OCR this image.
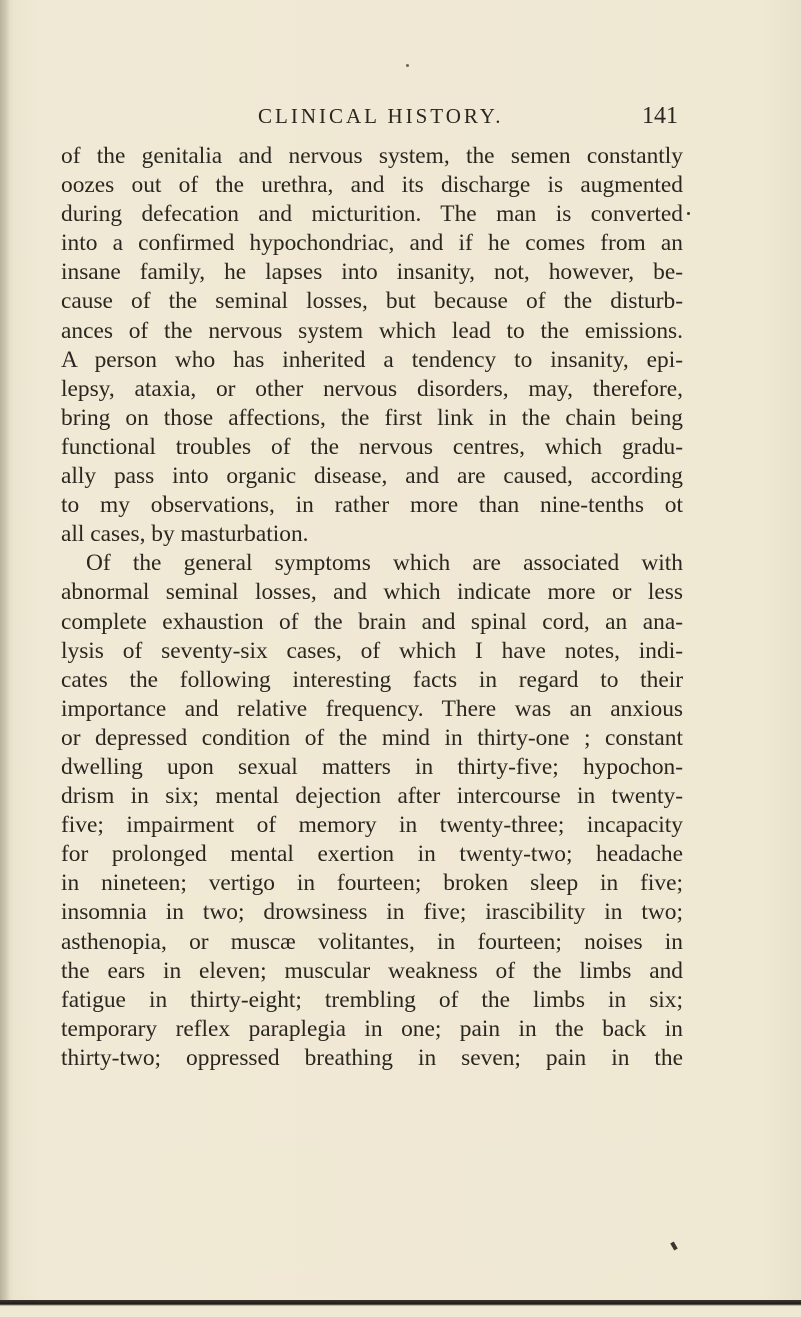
CLINICAL HISTORY.	141
of the genitalia and nervous system, the semen constantly
oozes out of the urethra, and its discharge is augmented
during defecation and micturition. The man is converted
into a confirmed hypochondriac, and if he comes from an
insane family, he lapses into insanity, not, however, be-
cause of the seminal losses, but because of the disturb-
ances of the nervous system which lead to the emissions.
A person who has inherited a tendency to insanity, epi-
lepsy, ataxia, or other nervous disorders, may, therefore,
bring on those affections, the first link in the chain being
functional troubles of the nervous centres, which gradu-
ally pass into organic disease, and are caused, according
to my observations, in rather more than nine-tenths ot
all cases, by masturbation.
Of the general symptoms which are associated with
abnormal seminal losses, and which indicate more or less
complete exhaustion of the brain and spinal cord, an ana-
lysis of seventy-six cases, of which I have notes, indi-
cates the following interesting facts in regard to their
importance and relative frequency. There was an anxious
or depressed condition of the mind in thirty-one ; constant
dwelling upon sexual matters in thirty-five; hypochon-
drism in six; mental dejection after intercourse in twenty-
five; impairment of memory in twenty-three; incapacity
for prolonged mental exertion in twenty-two; headache
in nineteen; vertigo in fourteen; broken sleep in five;
insomnia in two; drowsiness in five; irascibility in two;
asthenopia, or muscæ volitantes, in fourteen; noises in
the ears in eleven; muscular weakness of the limbs and
fatigue in thirty-eight; trembling of the limbs in six;
temporary reflex paraplegia in one; pain in the back in
thirty-two; oppressed breathing in seven; pain in the
